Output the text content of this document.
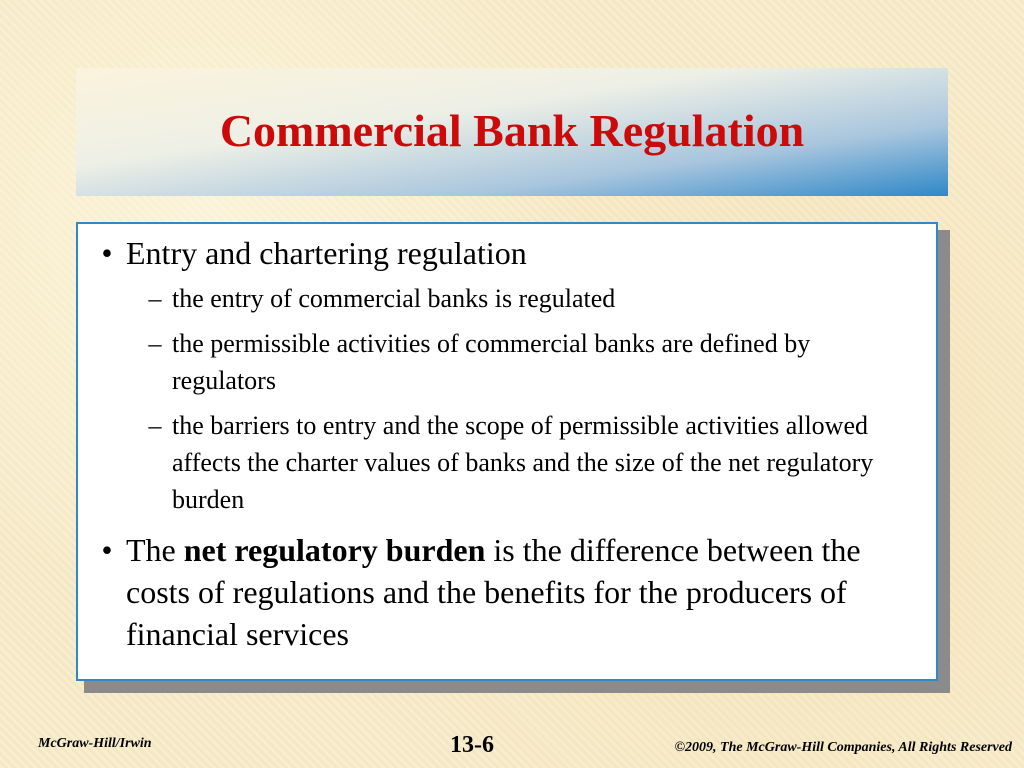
Commercial Bank Regulation
• Entry and chartering regulation
– the entry of commercial banks is regulated
– the permissible activities of commercial banks are defined by regulators
– the barriers to entry and the scope of permissible activities allowed affects the charter values of banks and the size of the net regulatory burden
• The net regulatory burden is the difference between the costs of regulations and the benefits for the producers of financial services
McGraw-Hill/Irwin	13-6	©2009, The McGraw-Hill Companies, All Rights Reserved
